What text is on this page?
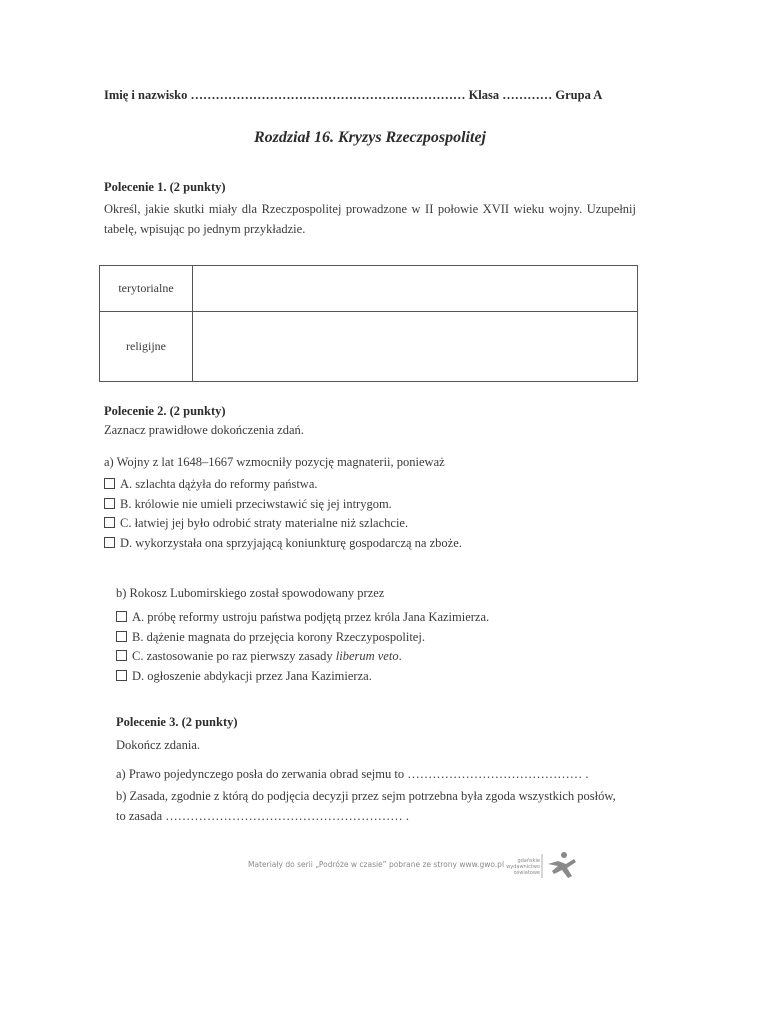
Imię i nazwisko ………………………………………………………… Klasa ………… Grupa A
Rozdział 16. Kryzys Rzeczpospolitej
Polecenie 1. (2 punkty)
Określ, jakie skutki miały dla Rzeczpospolitej prowadzone w II połowie XVII wieku wojny. Uzupełnij tabelę, wpisując po jednym przykładzie.
terytorialne	
religijne	
Polecenie 2. (2 punkty)
Zaznacz prawidłowe dokończenia zdań.
a) Wojny z lat 1648–1667 wzmocniły pozycję magnaterii, ponieważ
A. szlachta dążyła do reformy państwa.
B. królowie nie umieli przeciwstawić się jej intrygom.
C. łatwiej jej było odrobić straty materialne niż szlachcie.
D. wykorzystała ona sprzyjającą koniunkturę gospodarczą na zboże.
b) Rokosz Lubomirskiego został spowodowany przez
A. próbę reformy ustroju państwa podjętą przez króla Jana Kazimierza.
B. dążenie magnata do przejęcia korony Rzeczypospolitej.
C. zastosowanie po raz pierwszy zasady liberum veto.
D. ogłoszenie abdykacji przez Jana Kazimierza.
Polecenie 3. (2 punkty)
Dokończ zdania.
a) Prawo pojedynczego posła do zerwania obrad sejmu to …………………………………… .
b) Zasada, zgodnie z którą do podjęcia decyzji przez sejm potrzebna była zgoda wszystkich posłów,
to zasada ………………………………………………… .
Materiały do serii „Podróże w czasie” pobrane ze strony www.gwo.pl	gdańskie
wydawnictwo
oświatowe
